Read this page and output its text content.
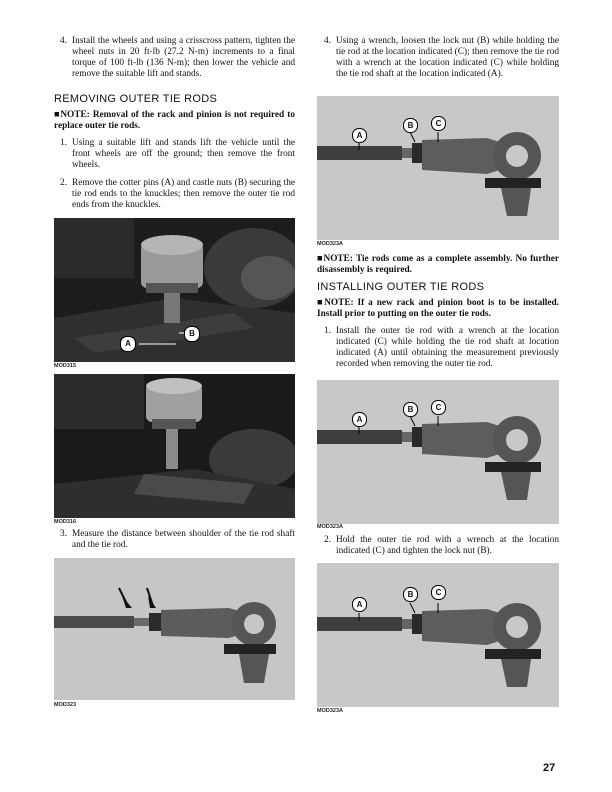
4. Install the wheels and using a crisscross pattern, tighten the wheel nuts in 20 ft-lb (27.2 N-m) increments to a final torque of 100 ft-lb (136 N-m); then lower the vehicle and remove the suitable lift and stands.
REMOVING OUTER TIE RODS
■NOTE: Removal of the rack and pinion is not required to replace outer tie rods.
1. Using a suitable lift and stands lift the vehicle until the front wheels are off the ground; then remove the front wheels.
2. Remove the cotter pins (A) and castle nuts (B) securing the tie rod ends to the knuckles; then remove the outer tie rod ends from the knuckles.
A
B
MOD315
MOD316
3. Measure the distance between shoulder of the tie rod shaft and the tie rod.
MOD323
4. Using a wrench, loosen the lock nut (B) while holding the tie rod at the location indicated (C); then remove the tie rod with a wrench at the location indicated (C) while holding the tie rod shaft at the location indicated (A).
A
B	C
MOD323A
■NOTE: Tie rods come as a complete assembly. No further disassembly is required.
INSTALLING OUTER TIE RODS
■NOTE: If a new rack and pinion boot is to be installed. Install prior to putting on the outer tie rods.
1. Install the outer tie rod with a wrench at the location indicated (C) while holding the tie rod shaft at location indicated (A) until obtaining the measurement previously recorded when removing the outer tie rod.
A
B	C
MOD323A
2. Hold the outer tie rod with a wrench at the location indicated (C) and tighten the lock nut (B).
A
B	C
MOD323A
27
